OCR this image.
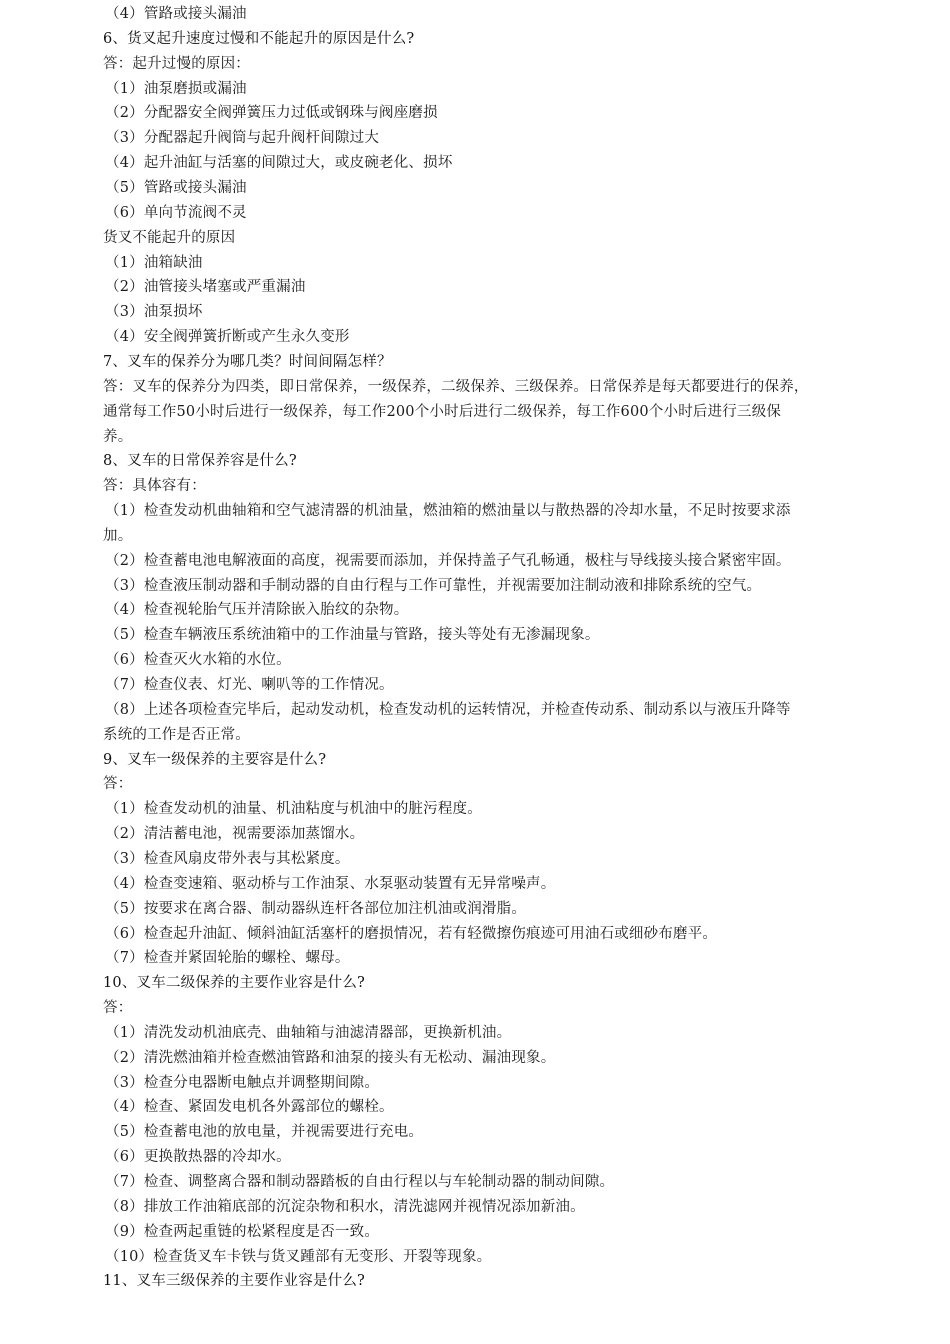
（4）管路或接头漏油
6、货叉起升速度过慢和不能起升的原因是什么?
答：起升过慢的原因：
（1）油泵磨损或漏油
（2）分配器安全阀弹簧压力过低或钢珠与阀座磨损
（3）分配器起升阀筒与起升阀杆间隙过大
（4）起升油缸与活塞的间隙过大，或皮碗老化、损坏
（5）管路或接头漏油
（6）单向节流阀不灵
货叉不能起升的原因
（1）油箱缺油
（2）油管接头堵塞或严重漏油
（3）油泵损坏
（4）安全阀弹簧折断或产生永久变形
7、叉车的保养分为哪几类？时间间隔怎样？
答：叉车的保养分为四类，即日常保养，一级保养，二级保养、三级保养。日常保养是每天都要进行的保养，
通常每工作50小时后进行一级保养，每工作200个小时后进行二级保养，每工作600个小时后进行三级保
养。
8、叉车的日常保养容是什么?
答：具体容有：
（1）检查发动机曲轴箱和空气滤清器的机油量，燃油箱的燃油量以与散热器的冷却水量，不足时按要求添
加。
（2）检查蓄电池电解液面的高度，视需要而添加，并保持盖子气孔畅通，极柱与导线接头接合紧密牢固。
（3）检查液压制动器和手制动器的自由行程与工作可靠性，并视需要加注制动液和排除系统的空气。
（4）检查视轮胎气压并清除嵌入胎纹的杂物。
（5）检查车辆液压系统油箱中的工作油量与管路，接头等处有无渗漏现象。
（6）检查灭火水箱的水位。
（7）检查仪表、灯光、喇叭等的工作情况。
（8）上述各项检查完毕后，起动发动机，检查发动机的运转情况，并检查传动系、制动系以与液压升降等
系统的工作是否正常。
9、叉车一级保养的主要容是什么?
答：
（1）检查发动机的油量、机油粘度与机油中的脏污程度。
（2）清洁蓄电池，视需要添加蒸馏水。
（3）检查风扇皮带外表与其松紧度。
（4）检查变速箱、驱动桥与工作油泵、水泵驱动装置有无异常噪声。
（5）按要求在离合器、制动器纵连杆各部位加注机油或润滑脂。
（6）检查起升油缸、倾斜油缸活塞杆的磨损情况，若有轻微擦伤痕迹可用油石或细砂布磨平。
（7）检查并紧固轮胎的螺栓、螺母。
10、叉车二级保养的主要作业容是什么?
答：
（1）清洗发动机油底壳、曲轴箱与油滤清器部，更换新机油。
（2）清洗燃油箱并检查燃油管路和油泵的接头有无松动、漏油现象。
（3）检查分电器断电触点并调整期间隙。
（4）检查、紧固发电机各外露部位的螺栓。
（5）检查蓄电池的放电量，并视需要进行充电。
（6）更换散热器的冷却水。
（7）检查、调整离合器和制动器踏板的自由行程以与车轮制动器的制动间隙。
（8）排放工作油箱底部的沉淀杂物和积水，清洗滤网并视情况添加新油。
（9）检查两起重链的松紧程度是否一致。
（10）检查货叉车卡铁与货叉踵部有无变形、开裂等现象。
11、叉车三级保养的主要作业容是什么?
